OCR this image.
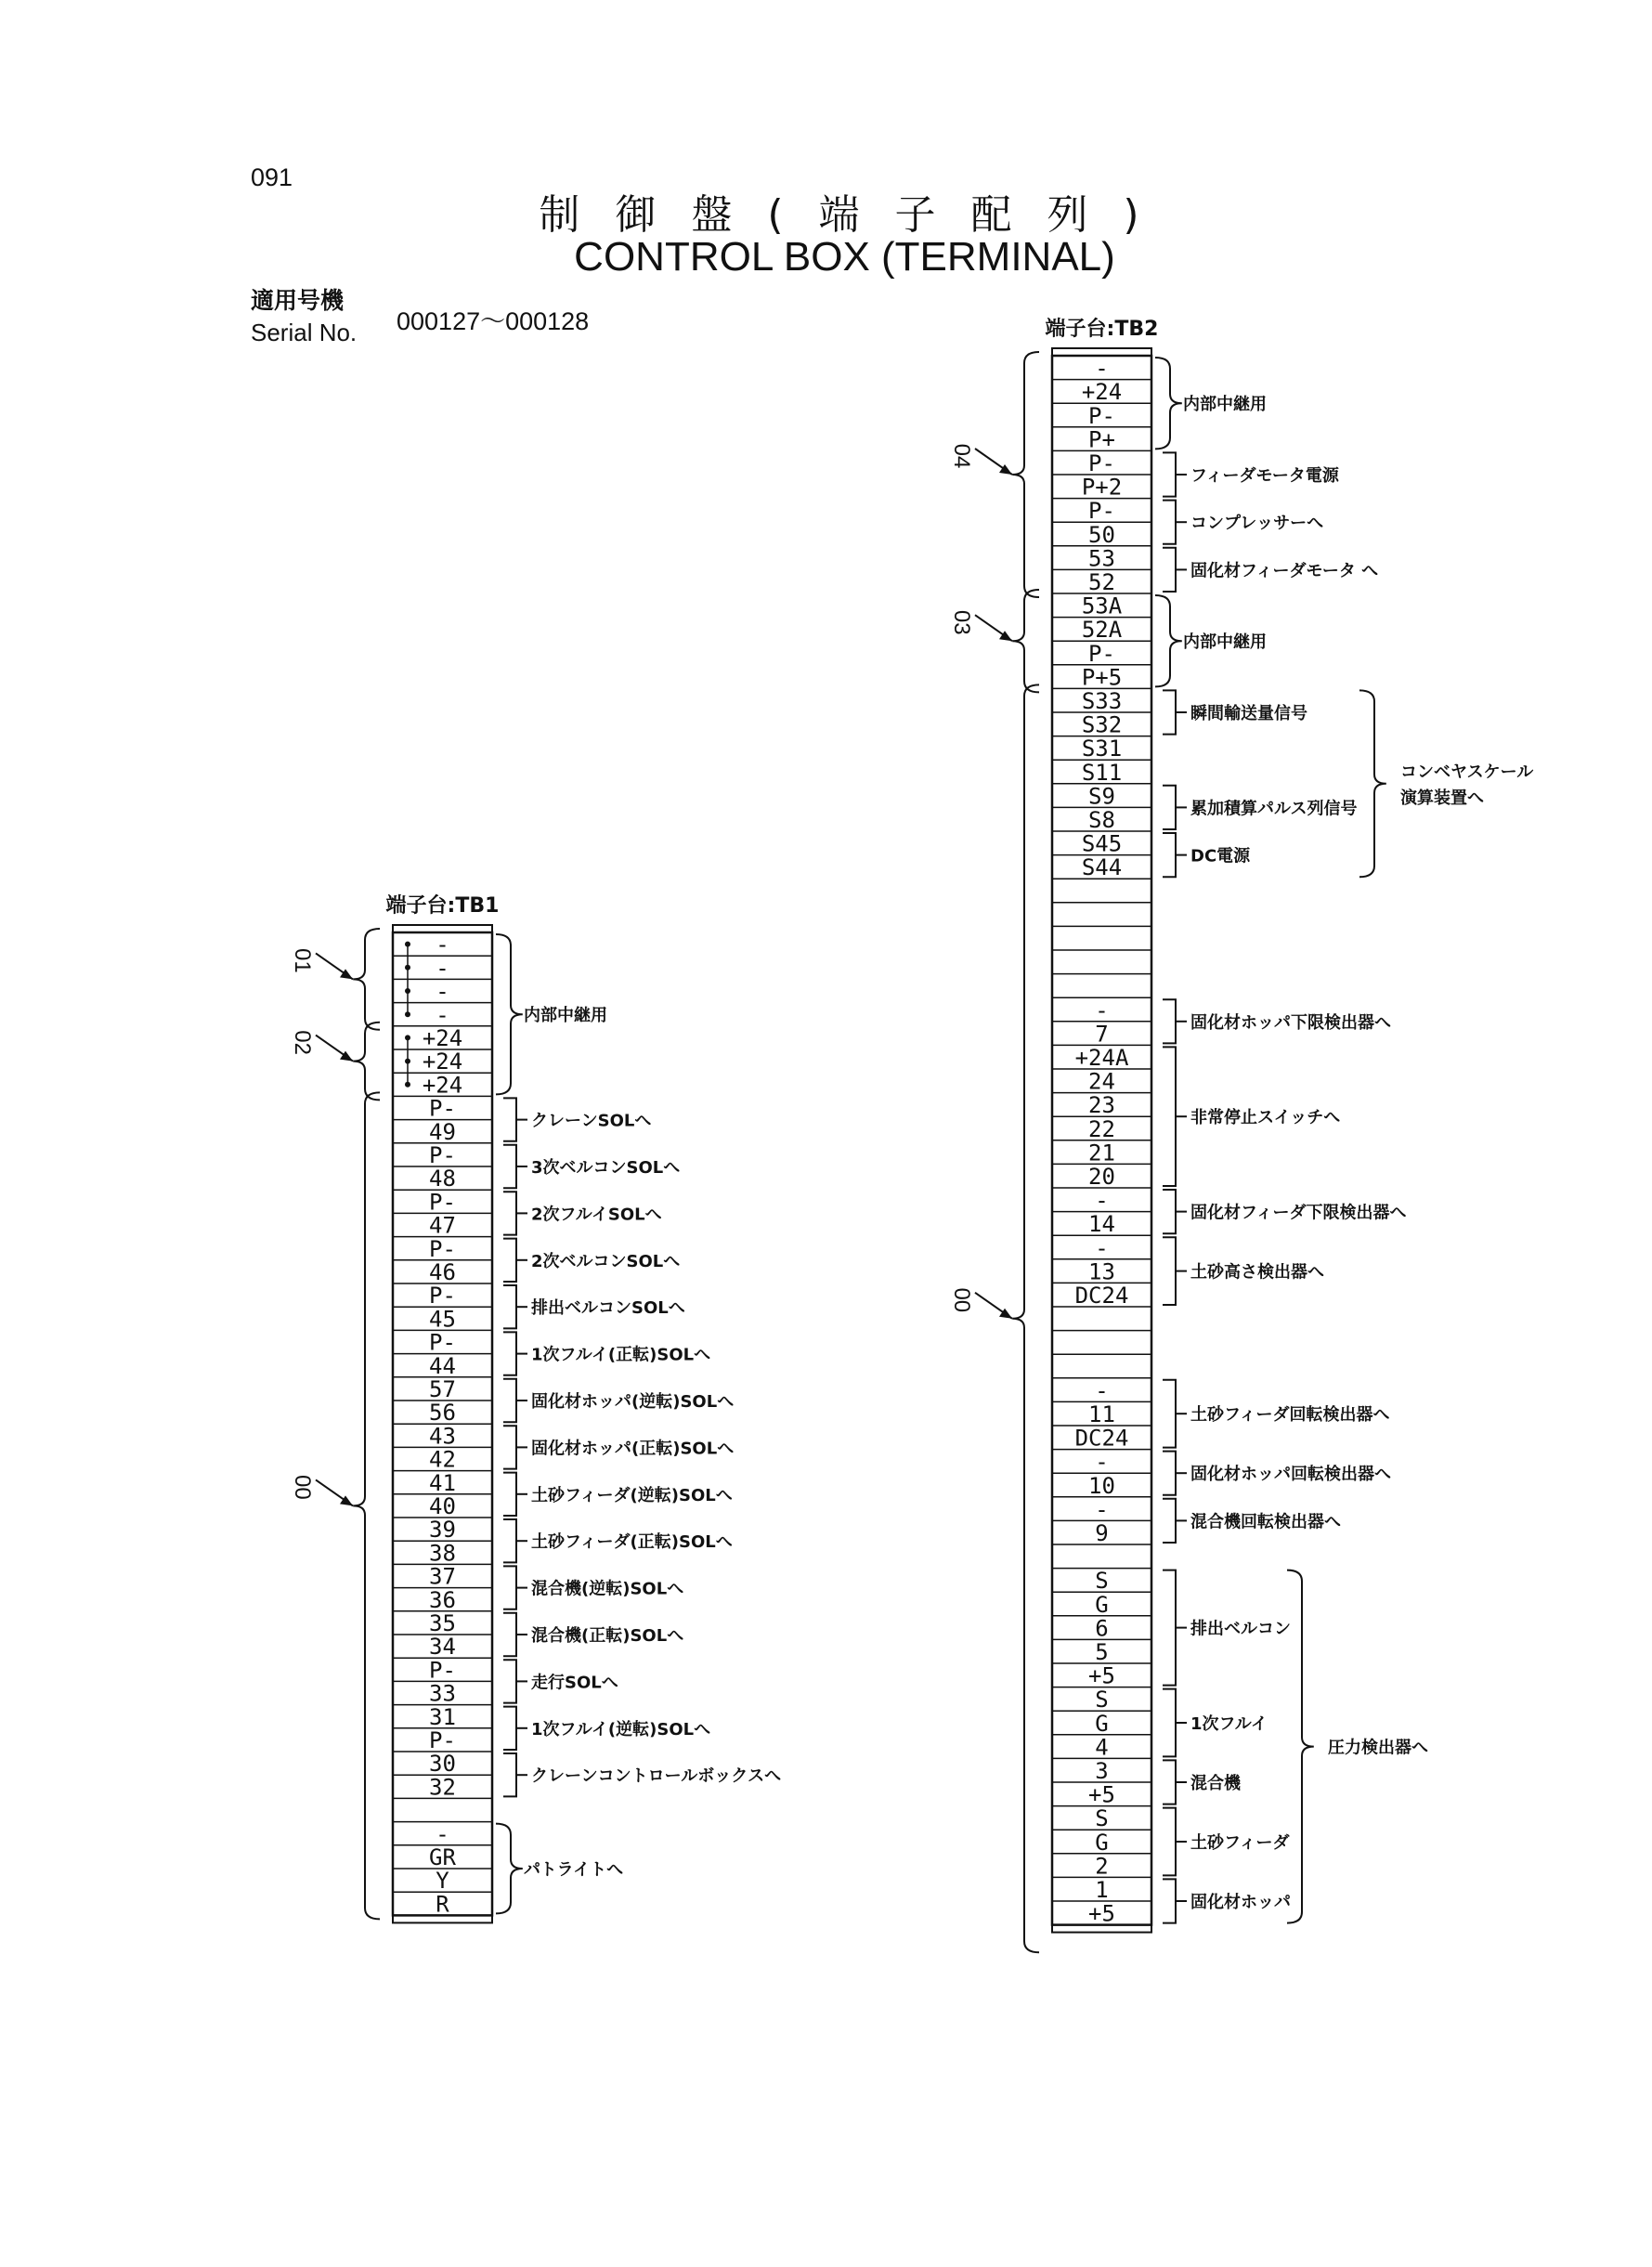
091
制 御 盤 ( 端 子 配 列 )
CONTROL BOX (TERMINAL)
適用号機
Serial No. 000127〜000128
端子台:TB1
-
-
-
-
+24
+24
+24
P-
49
P-
48
P-
47
P-
46
P-
45
P-
44
57
56
43
42
41
40
39
38
37
36
35
34
P-
33
31
P-
30
32
-
GR
Y
R
01
02
00
内部中継用
クレーンSOLへ
3次ベルコンSOLへ
2次フルイSOLへ
2次ベルコンSOLへ
排出ベルコンSOLへ
1次フルイ(正転)SOLへ
固化材ホッパ(逆転)SOLへ
固化材ホッパ(正転)SOLへ
土砂フィーダ(逆転)SOLへ
土砂フィーダ(正転)SOLへ
混合機(逆転)SOLへ
混合機(正転)SOLへ
走行SOLへ
1次フルイ(逆転)SOLへ
クレーンコントロールボックスへ
パトライトへ
端子台:TB2
-
+24
P-
P+
P-
P+2
P-
50
53
52
53A
52A
P-
P+5
S33
S32
S31
S11
S9
S8
S45
S44
-
7
+24A
24
23
22
21
20
-
14
-
13
DC24
-
11
DC24
-
10
-
9
S
G
6
5
+5
S
G
4
3
+5
S
G
2
1
+5
04
03
00
内部中継用
フィーダモータ電源
コンプレッサーへ
固化材フィーダモータ へ
内部中継用
瞬間輸送量信号
累加積算パルス列信号
DC電源
固化材ホッパ下限検出器へ
非常停止スイッチへ
固化材フィーダ下限検出器へ
土砂高さ検出器へ
土砂フィーダ回転検出器へ
固化材ホッパ回転検出器へ
混合機回転検出器へ
排出ベルコン
1次フルイ
混合機
土砂フィーダ
固化材ホッパ
コンベヤスケール
演算装置へ
圧力検出器へ
